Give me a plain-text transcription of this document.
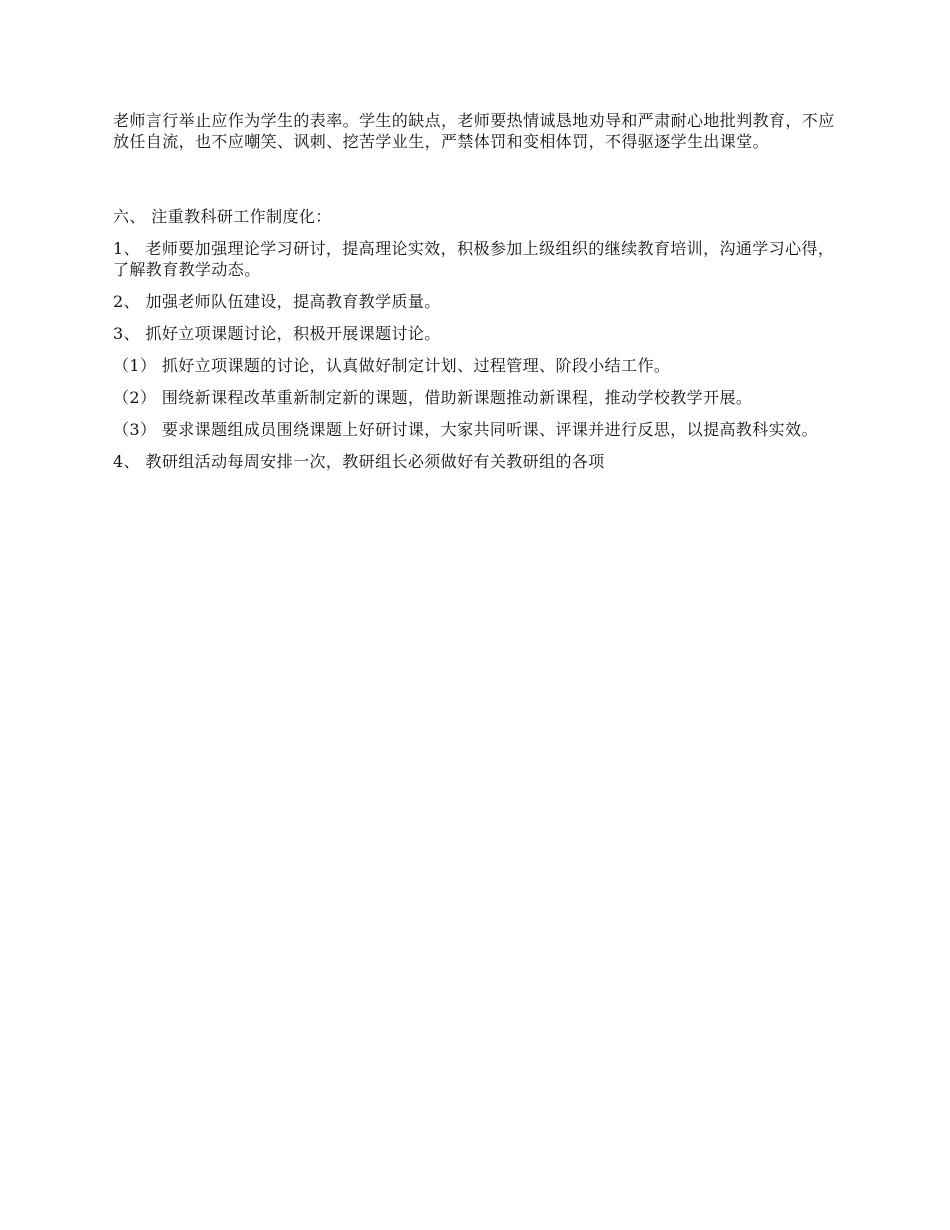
老师言行举止应作为学生的表率。学生的缺点，老师要热情诚恳地劝导和严肃耐心地批判教育，不应放任自流，也不应嘲笑、讽刺、挖苦学业生，严禁体罚和变相体罚，不得驱逐学生出课堂。

六、 注重教科研工作制度化：

1、 老师要加强理论学习研讨，提高理论实效，积极参加上级组织的继续教育培训，沟通学习心得，了解教育教学动态。

2、 加强老师队伍建设，提高教育教学质量。

3、 抓好立项课题讨论，积极开展课题讨论。

（1） 抓好立项课题的讨论，认真做好制定计划、过程管理、阶段小结工作。

（2） 围绕新课程改革重新制定新的课题，借助新课题推动新课程，推动学校教学开展。

（3） 要求课题组成员围绕课题上好研讨课，大家共同听课、评课并进行反思，以提高教科实效。

4、 教研组活动每周安排一次，教研组长必须做好有关教研组的各项
